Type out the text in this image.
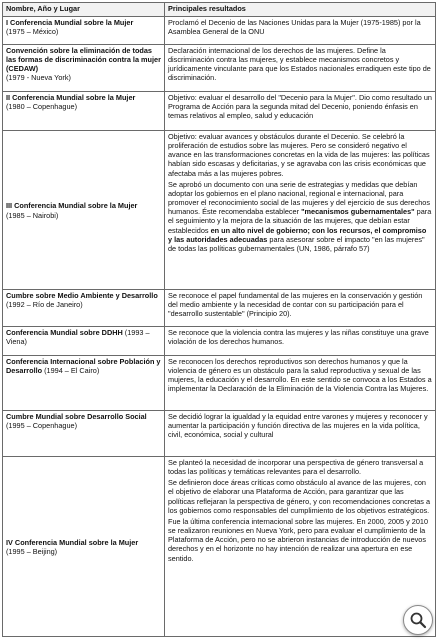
Nombre, Año y Lugar	Principales resultados

I Conferencia Mundial sobre la Mujer
(1975 – México)	Proclamó el Decenio de las Naciones Unidas para la Mujer (1975-1985) por la Asamblea General de la ONU

Convención sobre la eliminación de todas las formas de discriminación contra la mujer (CEDAW)
(1979 - Nueva York)	Declaración internacional de los derechos de las mujeres. Define la discriminación contra las mujeres, y establece mecanismos concretos y jurídicamente vinculante para que los Estados nacionales erradiquen este tipo de discriminación.

II Conferencia Mundial sobre la Mujer
(1980 – Copenhague)	Objetivo: evaluar el desarrollo del "Decenio para la Mujer". Dio como resultado un Programa de Acción para la segunda mitad del Decenio, poniendo énfasis en temas relativos al empleo, salud y educación

III Conferencia Mundial sobre la Mujer
(1985 – Nairobi)	Objetivo: evaluar avances y obstáculos durante el Decenio. Se celebró la proliferación de estudios sobre las mujeres. Pero se consideró negativo el avance en las transformaciones concretas en la vida de las mujeres: las políticas habían sido escasas y deficitarias, y se agravaba con las crisis económicas que afectaba más a las mujeres pobres.
Se aprobó un documento con una serie de estrategias y medidas que debían adoptar los gobiernos en el plano nacional, regional e internacional, para promover el reconocimiento social de las mujeres y del ejercicio de sus derechos humanos. Éste recomendaba establecer "mecanismos gubernamentales" para el seguimiento y la mejora de la situación de las mujeres, que debían estar establecidos en un alto nivel de gobierno; con los recursos, el compromiso y las autoridades adecuadas para asesorar sobre el impacto "en las mujeres" de todas las políticas gubernamentales (UN, 1986, párrafo 57)

Cumbre sobre Medio Ambiente y Desarrollo (1992 – Río de Janeiro)	Se reconoce el papel fundamental de las mujeres en la conservación y gestión del medio ambiente y la necesidad de contar con su participación para el "desarrollo sustentable" (Principio 20).

Conferencia Mundial sobre DDHH (1993 – Viena)	Se reconoce que la violencia contra las mujeres y las niñas constituye una grave violación de los derechos humanos.

Conferencia Internacional sobre Población y Desarrollo (1994 – El Cairo)	Se reconocen los derechos reproductivos son derechos humanos y que la violencia de género es un obstáculo para la salud reproductiva y sexual de las mujeres, la educación y el desarrollo. En este sentido se convoca a los Estados a implementar la Declaración de la Eliminación de la Violencia Contra las Mujeres.

Cumbre Mundial sobre Desarrollo Social
(1995 – Copenhague)	Se decidió lograr la igualdad y la equidad entre varones y mujeres y reconocer y aumentar la participación y función directiva de las mujeres en la vida política, civil, económica, social y cultural

IV Conferencia Mundial sobre la Mujer
(1995 – Beijing)	Se planteó la necesidad de incorporar una perspectiva de género transversal a todas las políticas y temáticas relevantes para el desarrollo.
Se definieron doce áreas críticas como obstáculo al avance de las mujeres, con el objetivo de elaborar una Plataforma de Acción, para garantizar que las políticas reflejaran la perspectiva de género, y con recomendaciones concretas a los gobiernos como responsables del cumplimiento de los objetivos estratégicos.
Fue la última conferencia internacional sobre las mujeres. En 2000, 2005 y 2010 se realizaron reuniones en Nueva York, pero para evaluar el cumplimiento de la Plataforma de Acción, pero no se abrieron instancias de introducción de nuevos derechos y en el horizonte no hay intención de realizar una apertura en ese sentido.
